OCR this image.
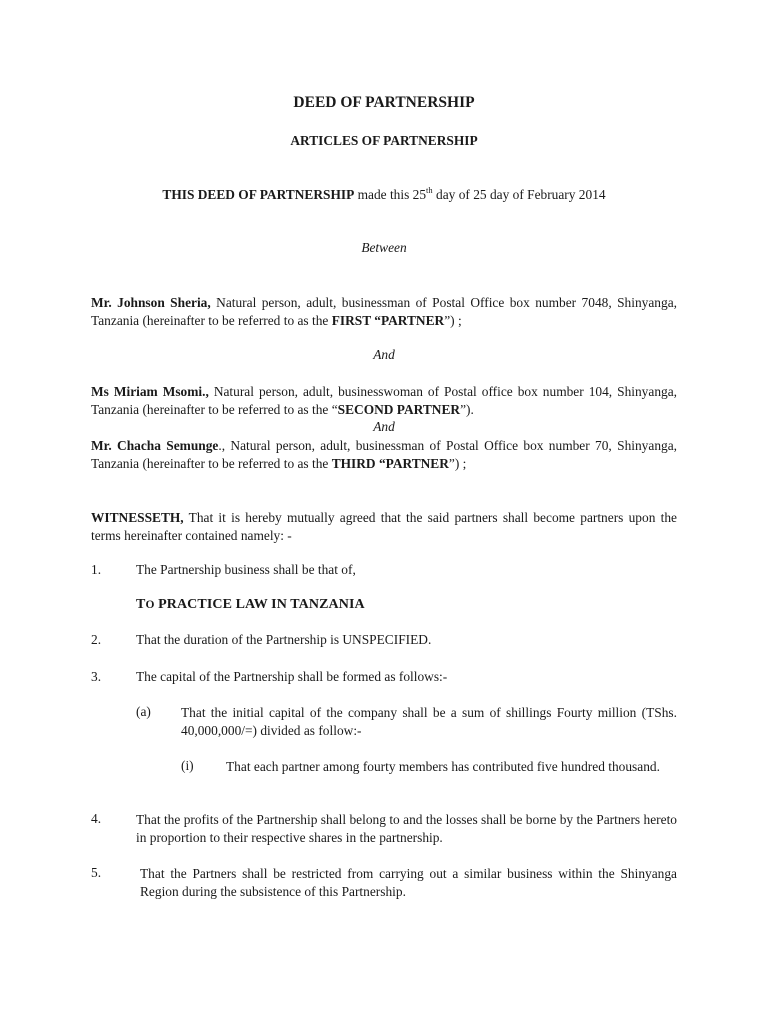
DEED OF PARTNERSHIP

ARTICLES OF PARTNERSHIP

THIS DEED OF PARTNERSHIP made this 25th day of 25 day of February 2014

Between

Mr. Johnson Sheria, Natural person, adult, businessman of Postal Office box number 7048, Shinyanga, Tanzania (hereinafter to be referred to as the FIRST “PARTNER”) ;

And

Ms Miriam Msomi., Natural person, adult, businesswoman of Postal office box number 104, Shinyanga, Tanzania (hereinafter to be referred to as the “SECOND PARTNER”).

And

Mr. Chacha Semunge., Natural person, adult, businessman of Postal Office box number 70, Shinyanga, Tanzania (hereinafter to be referred to as the THIRD “PARTNER”) ;

WITNESSETH, That it is hereby mutually agreed that the said partners shall become partners upon the terms hereinafter contained namely: -

1.	The Partnership business shall be that of,

TO PRACTICE LAW IN TANZANIA

2.	That the duration of the Partnership is UNSPECIFIED.
3.	The capital of the Partnership shall be formed as follows:-
(a) That the initial capital of the company shall be a sum of shillings Fourty million (TShs. 40,000,000/=) divided as follow:-

(i) That each partner among fourty members has contributed five hundred thousand.

4.	That the profits of the Partnership shall belong to and the losses shall be borne by the Partners hereto in proportion to their respective shares in the partnership.

5.	That the Partners shall be restricted from carrying out a similar business within the Shinyanga Region during the subsistence of this Partnership.
